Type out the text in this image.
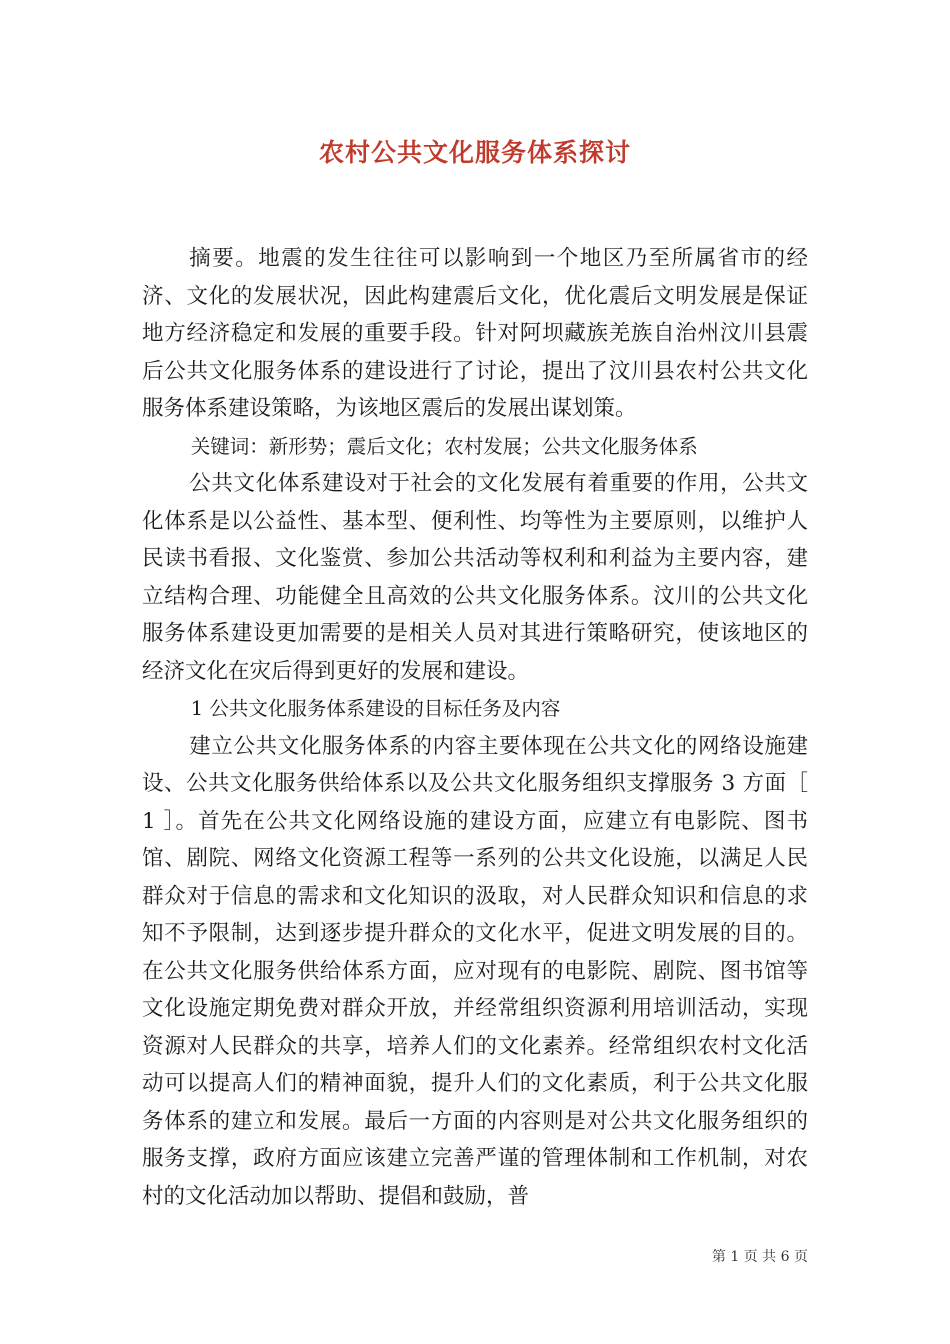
农村公共文化服务体系探讨

摘要。地震的发生往往可以影响到一个地区乃至所属省市的经济、文化的发展状况，因此构建震后文化，优化震后文明发展是保证地方经济稳定和发展的重要手段。针对阿坝藏族羌族自治州汶川县震后公共文化服务体系的建设进行了讨论，提出了汶川县农村公共文化服务体系建设策略，为该地区震后的发展出谋划策。

关键词：新形势；震后文化；农村发展；公共文化服务体系

公共文化体系建设对于社会的文化发展有着重要的作用，公共文化体系是以公益性、基本型、便利性、均等性为主要原则，以维护人民读书看报、文化鉴赏、参加公共活动等权利和利益为主要内容，建立结构合理、功能健全且高效的公共文化服务体系。汶川的公共文化服务体系建设更加需要的是相关人员对其进行策略研究，使该地区的经济文化在灾后得到更好的发展和建设。

1 公共文化服务体系建设的目标任务及内容

建立公共文化服务体系的内容主要体现在公共文化的网络设施建设、公共文化服务供给体系以及公共文化服务组织支撑服务 3 方面［ 1 ］。首先在公共文化网络设施的建设方面，应建立有电影院、图书馆、剧院、网络文化资源工程等一系列的公共文化设施，以满足人民群众对于信息的需求和文化知识的汲取，对人民群众知识和信息的求知不予限制，达到逐步提升群众的文化水平，促进文明发展的目的。在公共文化服务供给体系方面，应对现有的电影院、剧院、图书馆等文化设施定期免费对群众开放，并经常组织资源利用培训活动，实现资源对人民群众的共享，培养人们的文化素养。经常组织农村文化活动可以提高人们的精神面貌，提升人们的文化素质，利于公共文化服务体系的建立和发展。最后一方面的内容则是对公共文化服务组织的服务支撑，政府方面应该建立完善严谨的管理体制和工作机制，对农村的文化活动加以帮助、提倡和鼓励，普

第 1 页 共 6 页
